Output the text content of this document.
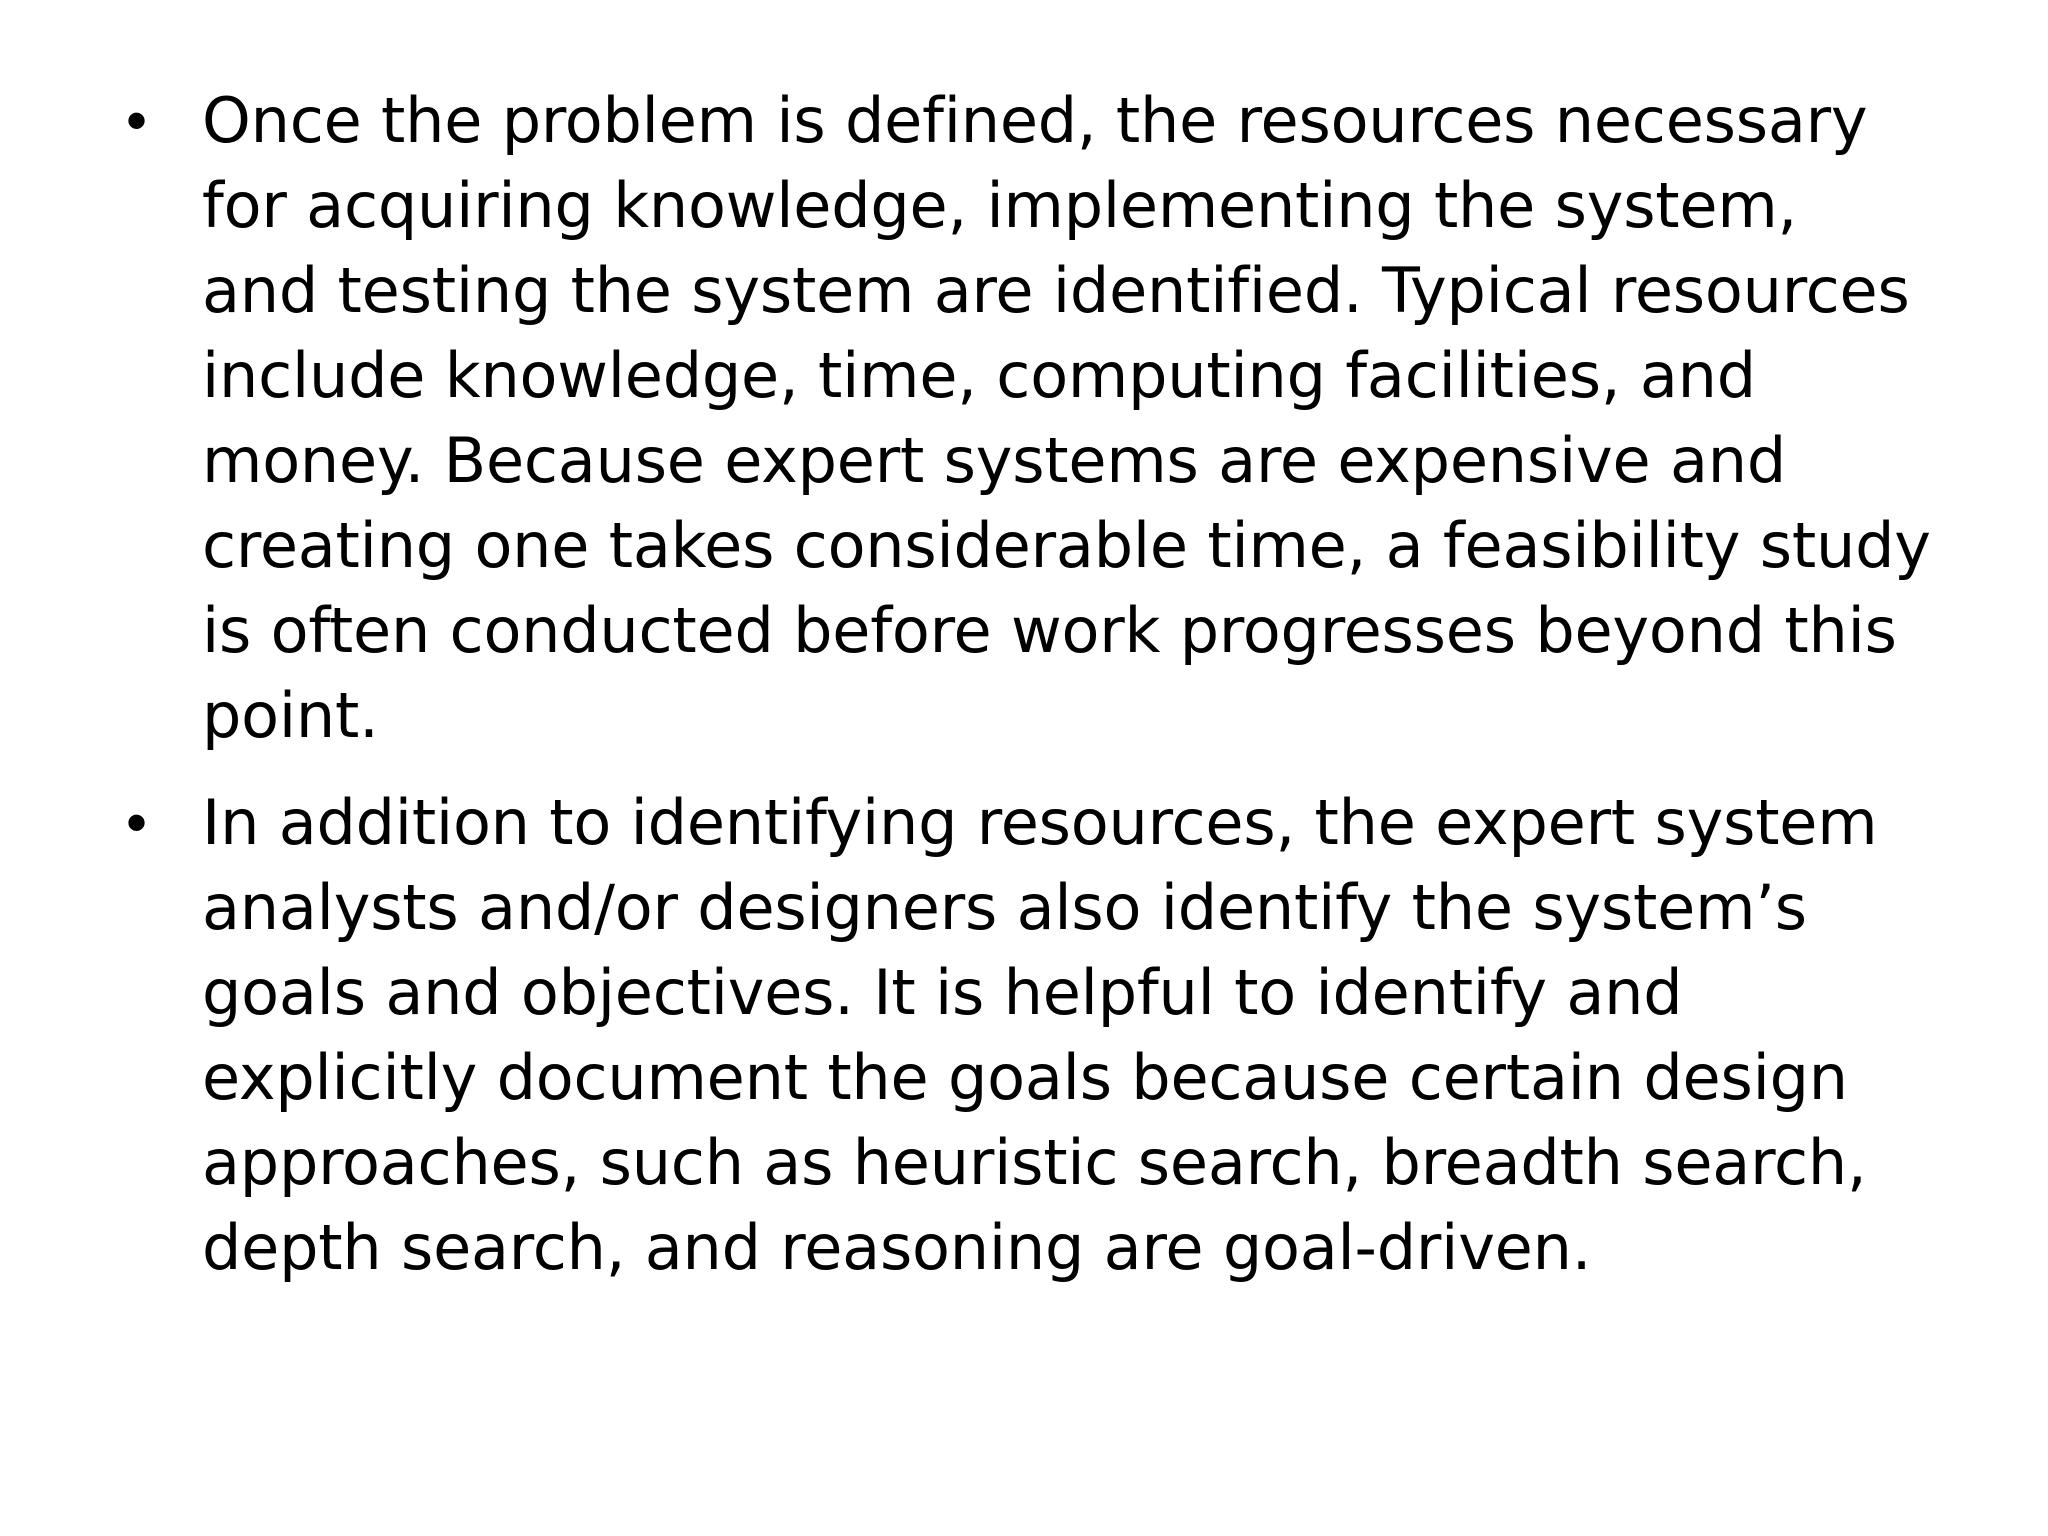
• Once the problem is defined, the resources necessary
for acquiring knowledge, implementing the system,
and testing the system are identified. Typical resources
include knowledge, time, computing facilities, and
money. Because expert systems are expensive and
creating one takes considerable time, a feasibility study
is often conducted before work progresses beyond this
point.
• In addition to identifying resources, the expert system
analysts and/or designers also identify the system’s
goals and objectives. It is helpful to identify and
explicitly document the goals because certain design
approaches, such as heuristic search, breadth search,
depth search, and reasoning are goal-driven.
